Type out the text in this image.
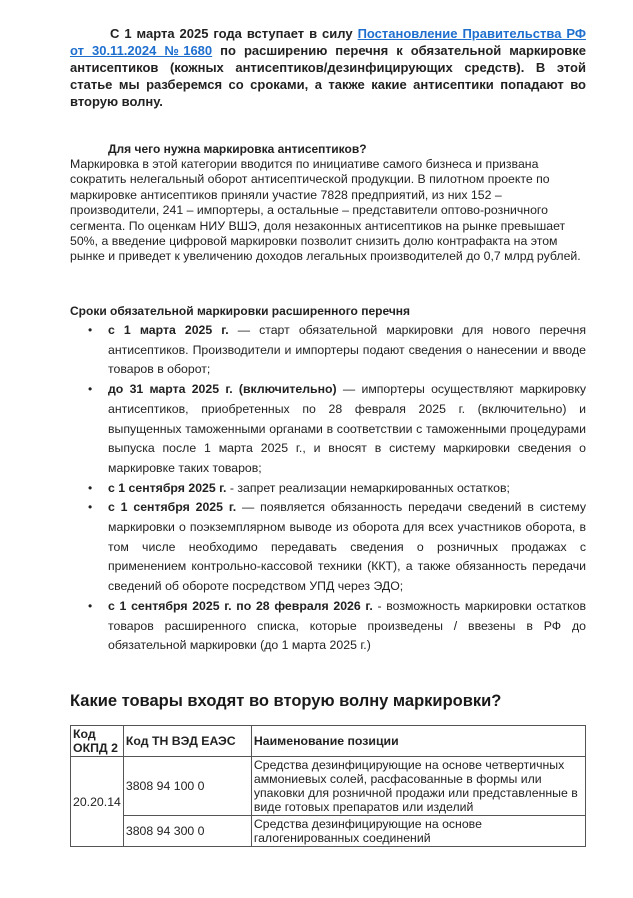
С 1 марта 2025 года вступает в силу Постановление Правительства РФ от 30.11.2024 №1680 по расширению перечня к обязательной маркировке антисептиков (кожных антисептиков/дезинфицирующих средств). В этой статье мы разберемся со сроками, а также какие антисептики попадают во вторую волну.
Для чего нужна маркировка антисептиков?
Маркировка в этой категории вводится по инициативе самого бизнеса и призвана сократить нелегальный оборот антисептической продукции. В пилотном проекте по маркировке антисептиков приняли участие 7828 предприятий, из них 152 – производители, 241 – импортеры, а остальные – представители оптово-розничного сегмента. По оценкам НИУ ВШЭ, доля незаконных антисептиков на рынке превышает 50%, а введение цифровой маркировки позволит снизить долю контрафакта на этом рынке и приведет к увеличению доходов легальных производителей до 0,7 млрд рублей.
Сроки обязательной маркировки расширенного перечня
• с 1 марта 2025 г. — старт обязательной маркировки для нового перечня антисептиков. Производители и импортеры подают сведения о нанесении и вводе товаров в оборот;
• до 31 марта 2025 г. (включительно) — импортеры осуществляют маркировку антисептиков, приобретенных по 28 февраля 2025 г. (включительно) и выпущенных таможенными органами в соответствии с таможенными процедурами выпуска после 1 марта 2025 г., и вносят в систему маркировки сведения о маркировке таких товаров;
• с 1 сентября 2025 г. - запрет реализации немаркированных остатков;
• с 1 сентября 2025 г. — появляется обязанность передачи сведений в систему маркировки о поэкземплярном выводе из оборота для всех участников оборота, в том числе необходимо передавать сведения о розничных продажах с применением контрольно-кассовой техники (ККТ), а также обязанность передачи сведений об обороте посредством УПД через ЭДО;
• с 1 сентября 2025 г. по 28 февраля 2026 г. - возможность маркировки остатков товаров расширенного списка, которые произведены / ввезены в РФ до обязательной маркировки (до 1 марта 2025 г.)
Какие товары входят во вторую волну маркировки?
Код ОКПД 2	Код ТН ВЭД ЕАЭС	Наименование позиции
20.20.14	3808 94 100 0	Средства дезинфицирующие на основе четвертичных аммониевых солей, расфасованные в формы или упаковки для розничной продажи или представленные в виде готовых препаратов или изделий
	3808 94 300 0	Средства дезинфицирующие на основе галогенированных соединений
